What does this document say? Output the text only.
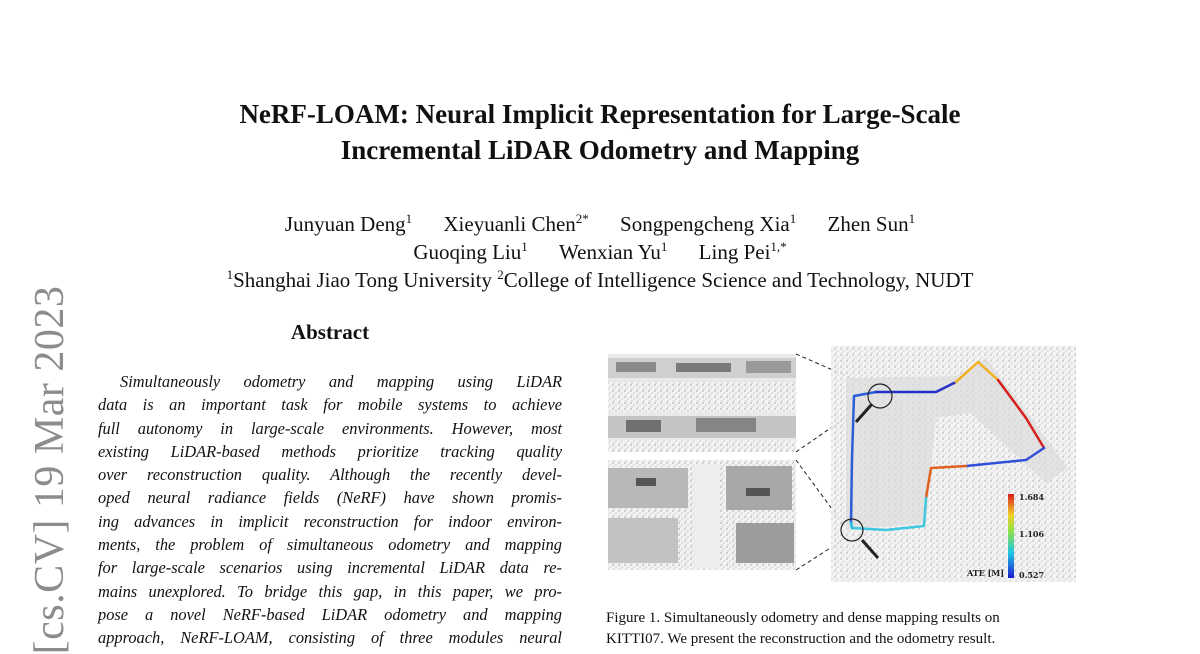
[cs.CV] 19 Mar 2023
NeRF-LOAM: Neural Implicit Representation for Large-Scale
Incremental LiDAR Odometry and Mapping
Junyuan Deng$^1$ Xieyuanli Chen$^{2*}$ Songpengcheng Xia$^1$ Zhen Sun$^1$
Guoqing Liu$^1$ Wenxian Yu$^1$ Ling Pei$^{1,*}$
$^1$Shanghai Jiao Tong University $^2$College of Intelligence Science and Technology, NUDT
Abstract
Simultaneously odometry and mapping using LiDAR
data is an important task for mobile systems to achieve
full autonomy in large-scale environments. However, most
existing LiDAR-based methods prioritize tracking quality
over reconstruction quality. Although the recently devel-
oped neural radiance fields (NeRF) have shown promis-
ing advances in implicit reconstruction for indoor environ-
ments, the problem of simultaneous odometry and mapping
for large-scale scenarios using incremental LiDAR data re-
mains unexplored. To bridge this gap, in this paper, we pro-
pose a novel NeRF-based LiDAR odometry and mapping
approach, NeRF-LOAM, consisting of three modules neural
1.684
1.106
0.527
ATE [M]
Figure 1. Simultaneously odometry and dense mapping results on
KITTI07. We present the reconstruction and the odometry result.
